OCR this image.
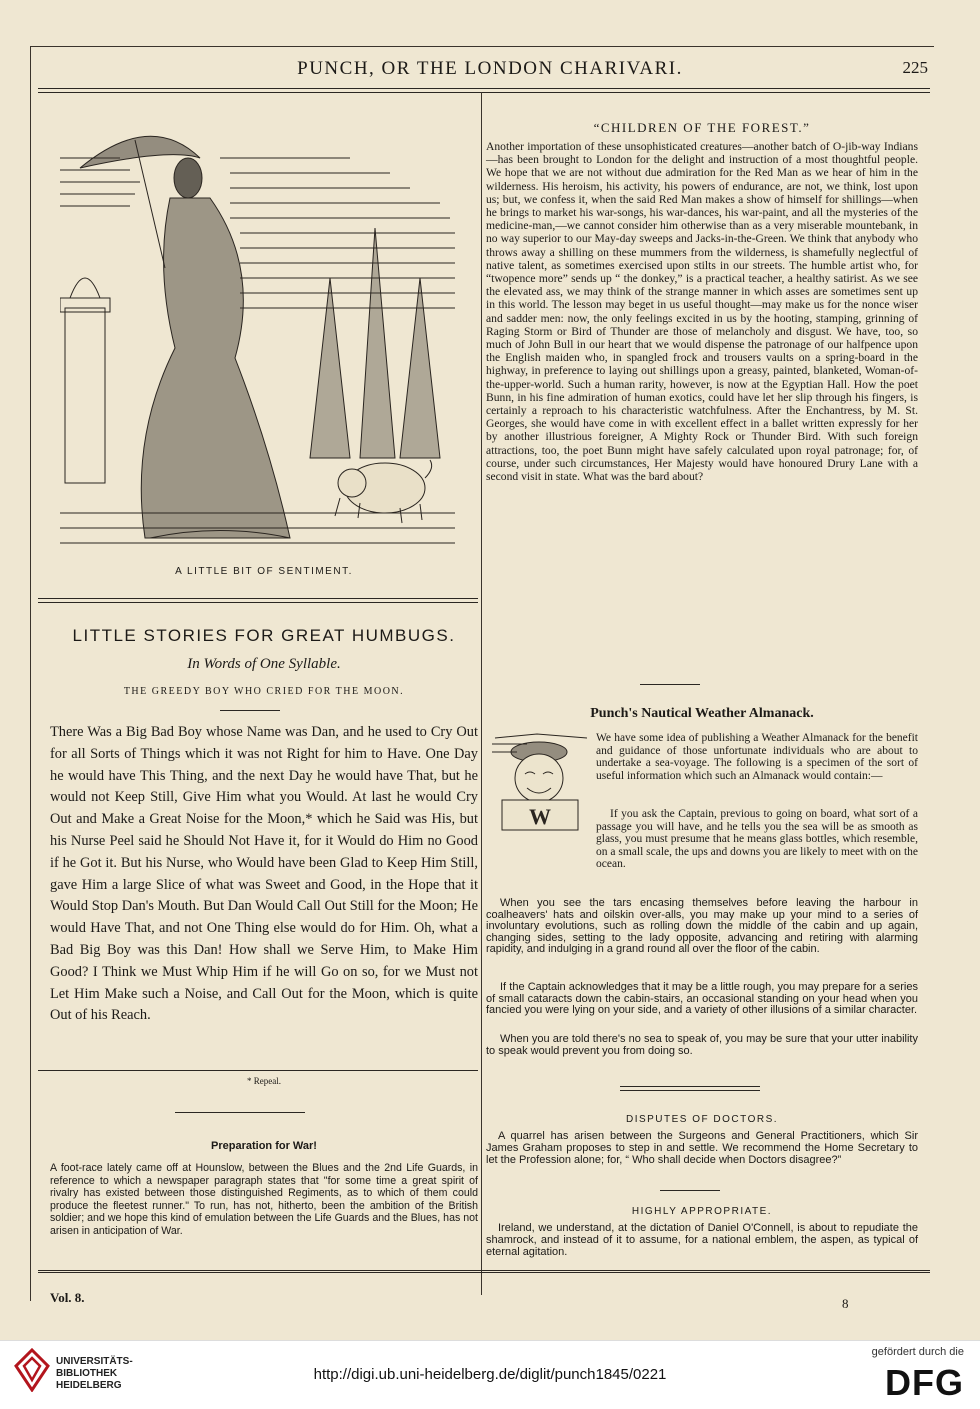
PUNCH, OR THE LONDON CHARIVARI.	225
A LITTLE BIT OF SENTIMENT.
LITTLE STORIES FOR GREAT HUMBUGS.
In Words of One Syllable.
THE GREEDY BOY WHO CRIED FOR THE MOON.
There Was a Big Bad Boy whose Name was Dan, and he used to Cry Out for all Sorts of Things which it was not Right for him to Have. One Day he would have This Thing, and the next Day he would have That, but he would not Keep Still, Give Him what you Would. At last he would Cry Out and Make a Great Noise for the Moon,* which he Said was His, but his Nurse Peel said he Should Not Have it, for it Would do Him no Good if he Got it. But his Nurse, who Would have been Glad to Keep Him Still, gave Him a large Slice of what was Sweet and Good, in the Hope that it Would Stop Dan's Mouth. But Dan Would Call Out Still for the Moon; He would Have That, and not One Thing else would do for Him. Oh, what a Bad Big Boy was this Dan! How shall we Serve Him, to Make Him Good? I Think we Must Whip Him if he will Go on so, for we Must not Let Him Make such a Noise, and Call Out for the Moon, which is quite Out of his Reach.
* Repeal.
Preparation for War!
A foot-race lately came off at Hounslow, between the Blues and the 2nd Life Guards, in reference to which a newspaper paragraph states that "for some time a great spirit of rivalry has existed between those distinguished Regiments, as to which of them could produce the fleetest runner." To run, has not, hitherto, been the ambition of the British soldier; and we hope this kind of emulation between the Life Guards and the Blues, has not arisen in anticipation of War.
“CHILDREN OF THE FOREST.”
Another importation of these unsophisticated creatures—another batch of O-jib-way Indians—has been brought to London for the delight and instruction of a most thoughtful people. We hope that we are not without due admiration for the Red Man as we hear of him in the wilderness. His heroism, his activity, his powers of endurance, are not, we think, lost upon us; but, we confess it, when the said Red Man makes a show of himself for shillings—when he brings to market his war-songs, his war-dances, his war-paint, and all the mysteries of the medicine-man,—we cannot consider him otherwise than as a very miserable mountebank, in no way superior to our May-day sweeps and Jacks-in-the-Green. We think that anybody who throws away a shilling on these mummers from the wilderness, is shamefully neglectful of native talent, as sometimes exercised upon stilts in our streets. The humble artist who, for “twopence more” sends up “ the donkey,” is a practical teacher, a healthy satirist. As we see the elevated ass, we may think of the strange manner in which asses are sometimes sent up in this world. The lesson may beget in us useful thought—may make us for the nonce wiser and sadder men: now, the only feelings excited in us by the hooting, stamping, grinning of Raging Storm or Bird of Thunder are those of melancholy and disgust. We have, too, so much of John Bull in our heart that we would dispense the patronage of our halfpence upon the English maiden who, in spangled frock and trousers vaults on a spring-board in the highway, in preference to laying out shillings upon a greasy, painted, blanketed, Woman-of-the-upper-world. Such a human rarity, however, is now at the Egyptian Hall. How the poet Bunn, in his fine admiration of human exotics, could have let her slip through his fingers, is certainly a reproach to his characteristic watchfulness. After the Enchantress, by M. St. Georges, she would have come in with excellent effect in a ballet written expressly for her by another illustrious foreigner, A Mighty Rock or Thunder Bird. With such foreign attractions, too, the poet Bunn might have safely calculated upon royal patronage; for, of course, under such circumstances, Her Majesty would have honoured Drury Lane with a second visit in state. What was the bard about?
Punch's Nautical Weather Almanack.
W
We have some idea of publishing a Weather Almanack for the benefit and guidance of those unfortunate individuals who are about to undertake a sea-voyage. The following is a specimen of the sort of useful information which such an Almanack would contain:—
If you ask the Captain, previous to going on board, what sort of a passage you will have, and he tells you the sea will be as smooth as glass, you must presume that he means glass bottles, which resemble, on a small scale, the ups and downs you are likely to meet with on the ocean.
When you see the tars encasing themselves before leaving the harbour in coalheavers' hats and oilskin over-alls, you may make up your mind to a series of involuntary evolutions, such as rolling down the middle of the cabin and up again, changing sides, setting to the lady opposite, advancing and retiring with alarming rapidity, and indulging in a grand round all over the floor of the cabin.
If the Captain acknowledges that it may be a little rough, you may prepare for a series of small cataracts down the cabin-stairs, an occasional standing on your head when you fancied you were lying on your side, and a variety of other illusions of a similar character.
When you are told there's no sea to speak of, you may be sure that your utter inability to speak would prevent you from doing so.
DISPUTES OF DOCTORS.
A quarrel has arisen between the Surgeons and General Practitioners, which Sir James Graham proposes to step in and settle. We recommend the Home Secretary to let the Profession alone; for, “ Who shall decide when Doctors disagree?”
HIGHLY APPROPRIATE.
Ireland, we understand, at the dictation of Daniel O'Connell, is about to repudiate the shamrock, and instead of it to assume, for a national emblem, the aspen, as typical of eternal agitation.
Vol. 8.	8
UNIVERSITÄTS-
BIBLIOTHEK
HEIDELBERG
http://digi.ub.uni-heidelberg.de/diglit/punch1845/0221
gefördert durch die
DFG
